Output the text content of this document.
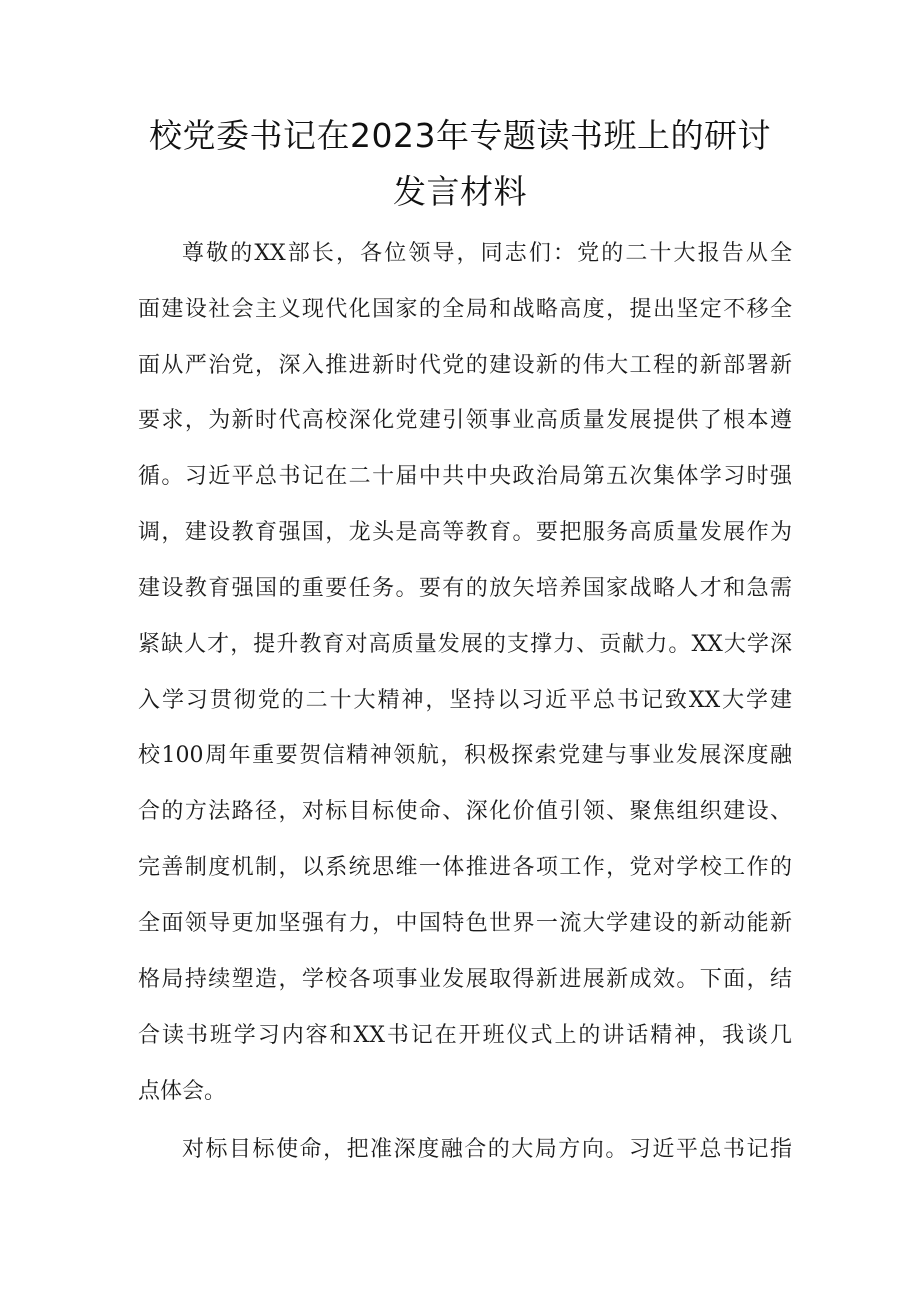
校党委书记在2023年专题读书班上的研讨
发言材料

尊敬的XX部长，各位领导，同志们：党的二十大报告从全

面建设社会主义现代化国家的全局和战略高度，提出坚定不移全

面从严治党，深入推进新时代党的建设新的伟大工程的新部署新

要求，为新时代高校深化党建引领事业高质量发展提供了根本遵

循。习近平总书记在二十届中共中央政治局第五次集体学习时强

调，建设教育强国，龙头是高等教育。要把服务高质量发展作为

建设教育强国的重要任务。要有的放矢培养国家战略人才和急需

紧缺人才，提升教育对高质量发展的支撑力、贡献力。XX大学深

入学习贯彻党的二十大精神，坚持以习近平总书记致XX大学建

校100周年重要贺信精神领航，积极探索党建与事业发展深度融

合的方法路径，对标目标使命、深化价值引领、聚焦组织建设、

完善制度机制，以系统思维一体推进各项工作，党对学校工作的

全面领导更加坚强有力，中国特色世界一流大学建设的新动能新

格局持续塑造，学校各项事业发展取得新进展新成效。下面，结

合读书班学习内容和XX书记在开班仪式上的讲话精神，我谈几

点体会。

对标目标使命，把准深度融合的大局方向。习近平总书记指
